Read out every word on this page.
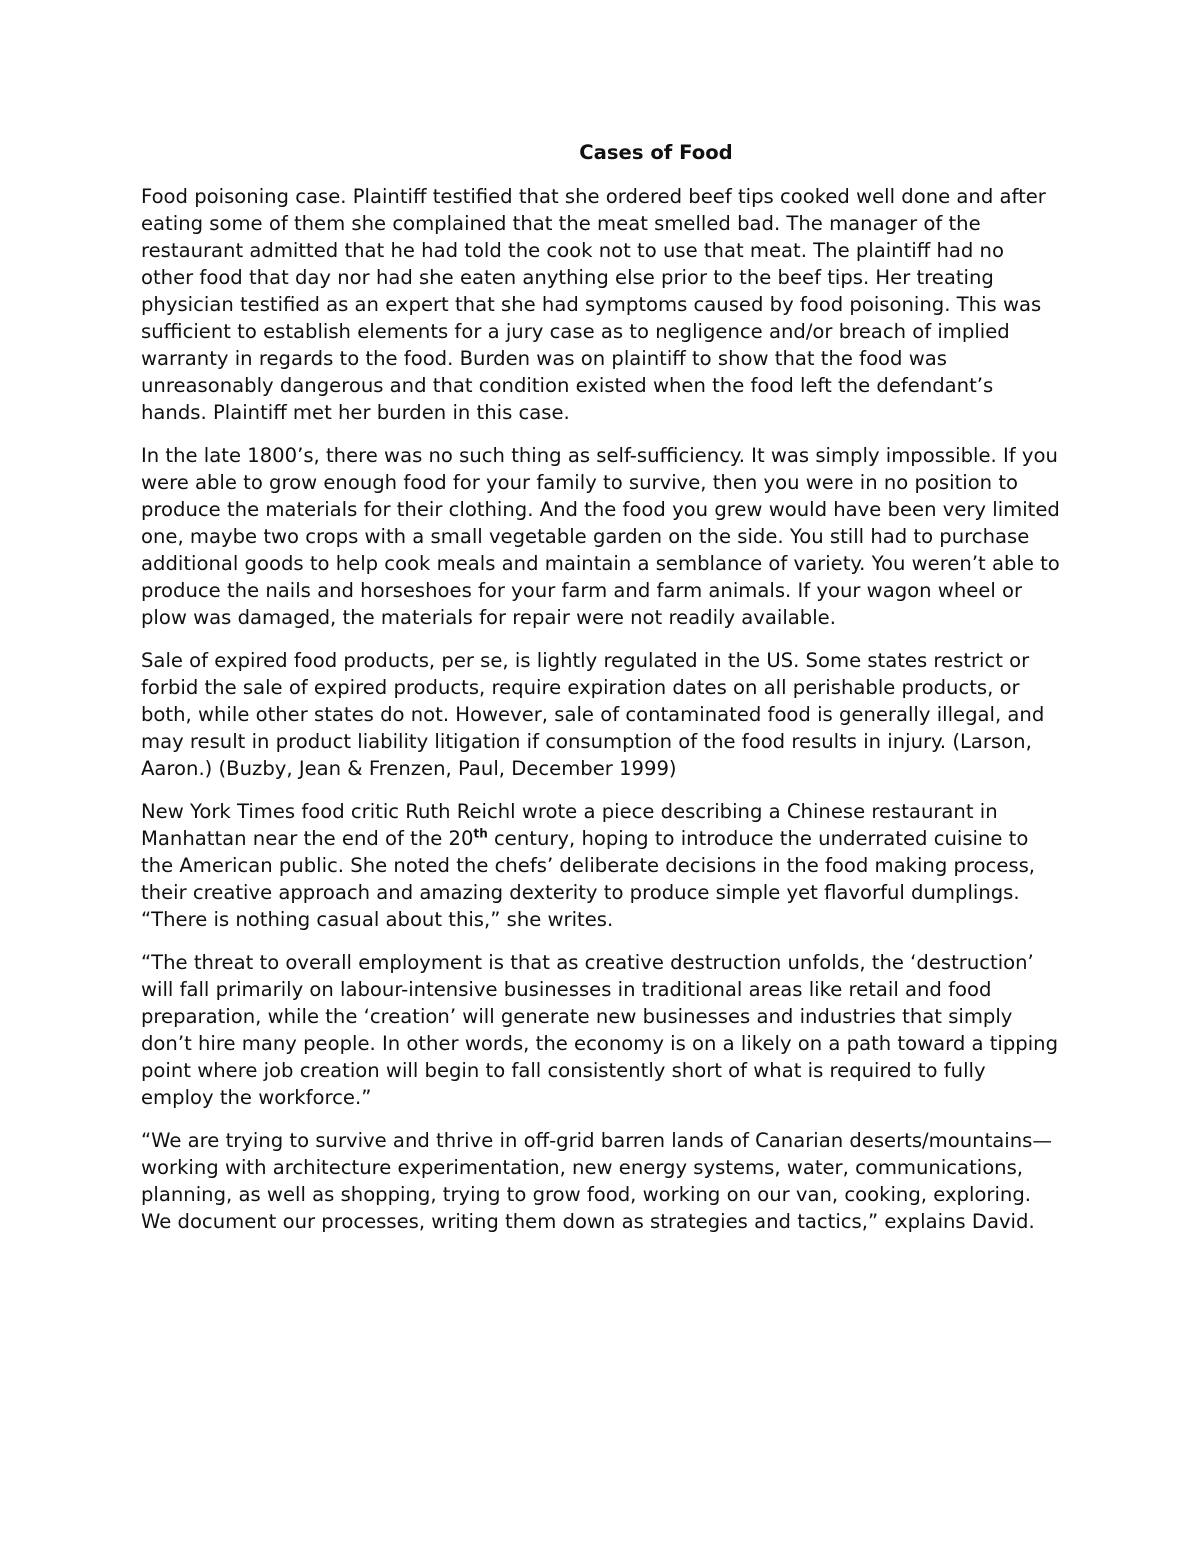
Cases of Food

Food poisoning case. Plaintiff testified that she ordered beef tips cooked well done and after eating some of them she complained that the meat smelled bad. The manager of the restaurant admitted that he had told the cook not to use that meat. The plaintiff had no other food that day nor had she eaten anything else prior to the beef tips. Her treating physician testified as an expert that she had symptoms caused by food poisoning. This was sufficient to establish elements for a jury case as to negligence and/or breach of implied warranty in regards to the food. Burden was on plaintiff to show that the food was unreasonably dangerous and that condition existed when the food left the defendant’s hands. Plaintiff met her burden in this case.

In the late 1800’s, there was no such thing as self-sufficiency. It was simply impossible. If you were able to grow enough food for your family to survive, then you were in no position to produce the materials for their clothing. And the food you grew would have been very limited one, maybe two crops with a small vegetable garden on the side. You still had to purchase additional goods to help cook meals and maintain a semblance of variety. You weren’t able to produce the nails and horseshoes for your farm and farm animals. If your wagon wheel or plow was damaged, the materials for repair were not readily available.

Sale of expired food products, per se, is lightly regulated in the US. Some states restrict or forbid the sale of expired products, require expiration dates on all perishable products, or both, while other states do not. However, sale of contaminated food is generally illegal, and may result in product liability litigation if consumption of the food results in injury. (Larson, Aaron.) (Buzby, Jean & Frenzen, Paul, December 1999)

New York Times food critic Ruth Reichl wrote a piece describing a Chinese restaurant in Manhattan near the end of the 20th century, hoping to introduce the underrated cuisine to the American public. She noted the chefs’ deliberate decisions in the food making process, their creative approach and amazing dexterity to produce simple yet flavorful dumplings. “There is nothing casual about this,” she writes.

“The threat to overall employment is that as creative destruction unfolds, the ‘destruction’ will fall primarily on labour-intensive businesses in traditional areas like retail and food preparation, while the ‘creation’ will generate new businesses and industries that simply don’t hire many people. In other words, the economy is on a likely on a path toward a tipping point where job creation will begin to fall consistently short of what is required to fully employ the workforce.”

“We are trying to survive and thrive in off-grid barren lands of Canarian deserts/mountains—working with architecture experimentation, new energy systems, water, communications, planning, as well as shopping, trying to grow food, working on our van, cooking, exploring. We document our processes, writing them down as strategies and tactics,” explains David.
